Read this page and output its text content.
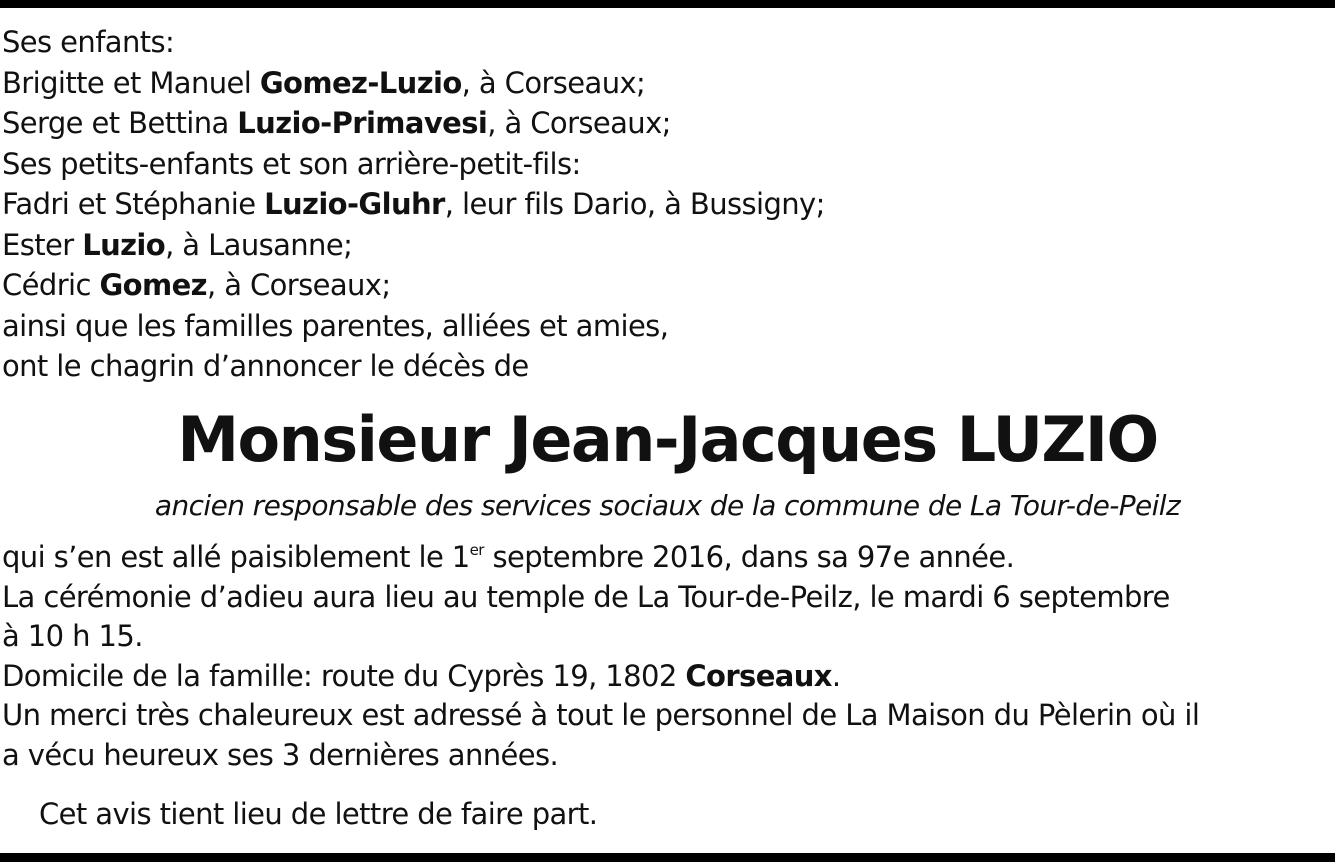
Ses enfants:
Brigitte et Manuel Gomez-Luzio, à Corseaux;
Serge et Bettina Luzio-Primavesi, à Corseaux;
Ses petits-enfants et son arrière-petit-fils:
Fadri et Stéphanie Luzio-Gluhr, leur fils Dario, à Bussigny;
Ester Luzio, à Lausanne;
Cédric Gomez, à Corseaux;
ainsi que les familles parentes, alliées et amies,
ont le chagrin d’annoncer le décès de
Monsieur Jean-Jacques LUZIO
ancien responsable des services sociaux de la commune de La Tour-de-Peilz
qui s’en est allé paisiblement le 1er septembre 2016, dans sa 97e année.
La cérémonie d’adieu aura lieu au temple de La Tour-de-Peilz, le mardi 6 septembre
à 10 h 15.
Domicile de la famille: route du Cyprès 19, 1802 Corseaux.
Un merci très chaleureux est adressé à tout le personnel de La Maison du Pèlerin où il
a vécu heureux ses 3 dernières années.
Cet avis tient lieu de lettre de faire part.
